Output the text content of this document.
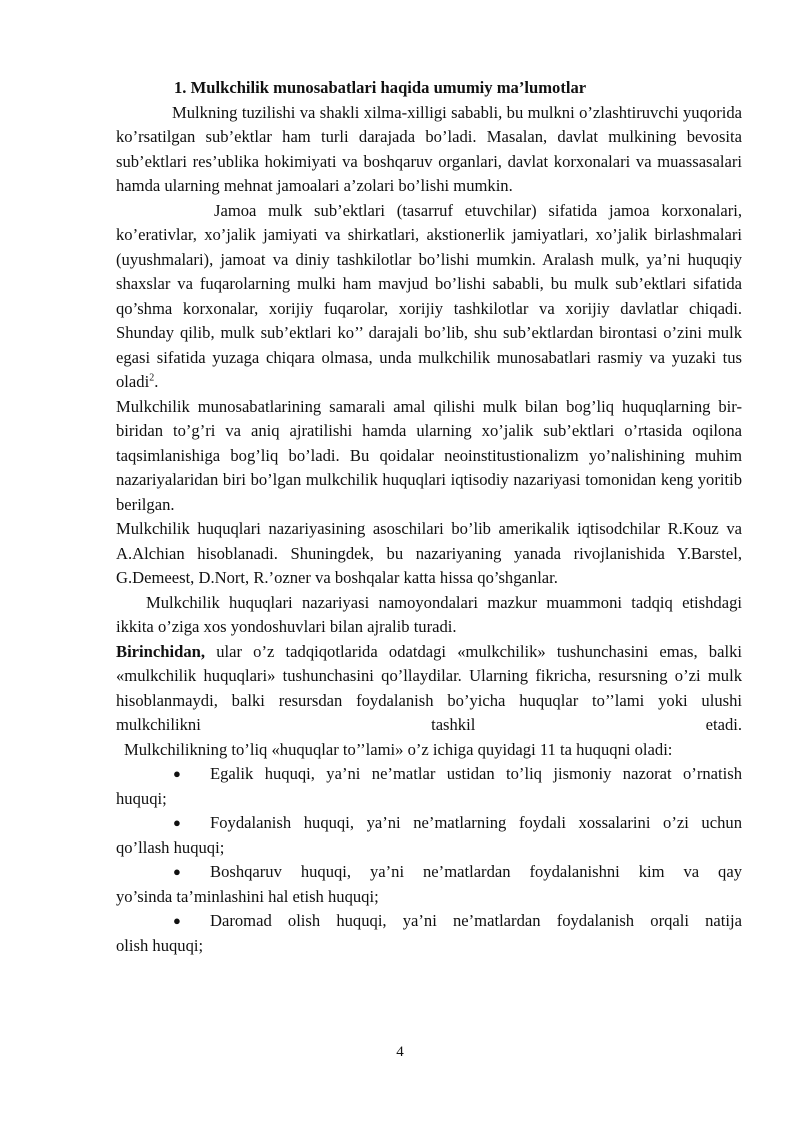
1. Mulkchilik munosabatlari haqida umumiy ma’lumotlar

Mulkning tuzilishi va shakli xilma-xilligi sababli, bu mulkni o’zlashtiruvchi yuqorida ko’rsatilgan sub’ektlar ham turli darajada bo’ladi. Masalan, davlat mulkining bevosita sub’ektlari res’ublika hokimiyati va boshqaruv organlari, davlat korxonalari va muassasalari hamda ularning mehnat jamoalari a’zolari bo’lishi mumkin.

Jamoa mulk sub’ektlari (tasarruf etuvchilar) sifatida jamoa korxonalari, ko’erativlar, xo’jalik jamiyati va shirkatlari, akstionerlik jamiyatlari, xo’jalik birlashmalari (uyushmalari), jamoat va diniy tashkilotlar bo’lishi mumkin. Aralash mulk, ya’ni huquqiy shaxslar va fuqarolarning mulki ham mavjud bo’lishi sababli, bu mulk sub’ektlari sifatida qo’shma korxonalar, xorijiy fuqarolar, xorijiy tashkilotlar va xorijiy davlatlar chiqadi.

Shunday qilib, mulk sub’ektlari ko’’ darajali bo’lib, shu sub’ektlardan birontasi o’zini mulk egasi sifatida yuzaga chiqara olmasa, unda mulkchilik munosabatlari rasmiy va yuzaki tus oladi$^2$.

Mulkchilik munosabatlarining samarali amal qilishi mulk bilan bog’liq huquqlarning bir-biridan to’g’ri va aniq ajratilishi hamda ularning xo’jalik sub’ektlari o’rtasida oqilona taqsimlanishiga bog’liq bo’ladi. Bu qoidalar neoinstitustionalizm yo’nalishining muhim nazariyalaridan biri bo’lgan mulkchilik huquqlari iqtisodiy nazariyasi tomonidan keng yoritib berilgan.

Mulkchilik huquqlari nazariyasining asoschilari bo’lib amerikalik iqtisodchilar R.Kouz va A.Alchian hisoblanadi. Shuningdek, bu nazariyaning yanada rivojlanishida Y.Barstel, G.Demeest, D.Nort, R.’ozner va boshqalar katta hissa qo’shganlar.

Mulkchilik huquqlari nazariyasi namoyondalari mazkur muammoni tadqiq etishdagi ikkita o’ziga xos yondoshuvlari bilan ajralib turadi.

Birinchidan, ular o’z tadqiqotlarida odatdagi «mulkchilik» tushunchasini emas, balki «mulkchilik huquqlari» tushunchasini qo’llaydilar. Ularning fikricha, resursning o’zi mulk hisoblanmaydi, balki resursdan foydalanish bo’yicha huquqlar to’’lami yoki ulushi mulkchilikni tashkil etadi.

Mulkchilikning to’liq «huquqlar to’’lami» o’z ichiga quyidagi 11 ta huquqni oladi:

●	Egalik huquqi, ya’ni ne’matlar ustidan to’liq jismoniy nazorat o’rnatish

huquqi;

●	Foydalanish huquqi, ya’ni ne’matlarning foydali xossalarini o’zi uchun

qo’llash huquqi;

●	Boshqaruv huquqi, ya’ni ne’matlardan foydalanishni kim va qay

yo’sinda ta’minlashini hal etish huquqi;

●	Daromad olish huquqi, ya’ni ne’matlardan foydalanish orqali natija

olish huquqi;

4
